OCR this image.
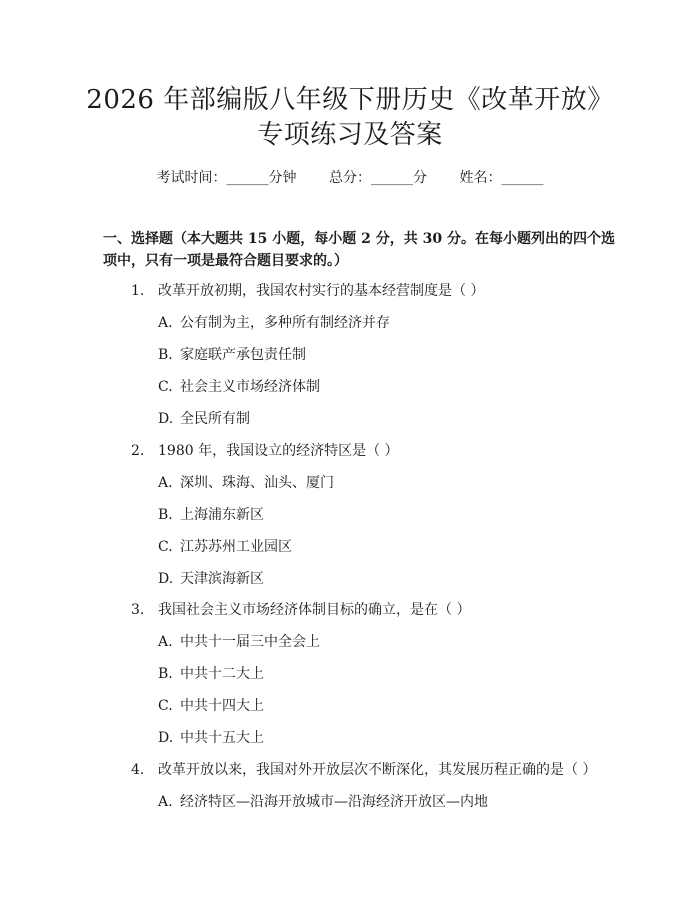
2026 年部编版八年级下册历史《改革开放》
专项练习及答案
考试时间：______分钟 总分：______分 姓名：______
一、选择题（本大题共 15 小题，每小题 2 分，共 30 分。在每小题列出的四个选
项中，只有一项是最符合题目要求的。）
1. 改革开放初期，我国农村实行的基本经营制度是（ ）
A. 公有制为主，多种所有制经济并存
B. 家庭联产承包责任制
C. 社会主义市场经济体制
D. 全民所有制
2. 1980 年，我国设立的经济特区是（ ）
A. 深圳、珠海、汕头、厦门
B. 上海浦东新区
C. 江苏苏州工业园区
D. 天津滨海新区
3. 我国社会主义市场经济体制目标的确立，是在（ ）
A. 中共十一届三中全会上
B. 中共十二大上
C. 中共十四大上
D. 中共十五大上
4. 改革开放以来，我国对外开放层次不断深化，其发展历程正确的是（ ）
A. 经济特区—沿海开放城市—沿海经济开放区—内地
